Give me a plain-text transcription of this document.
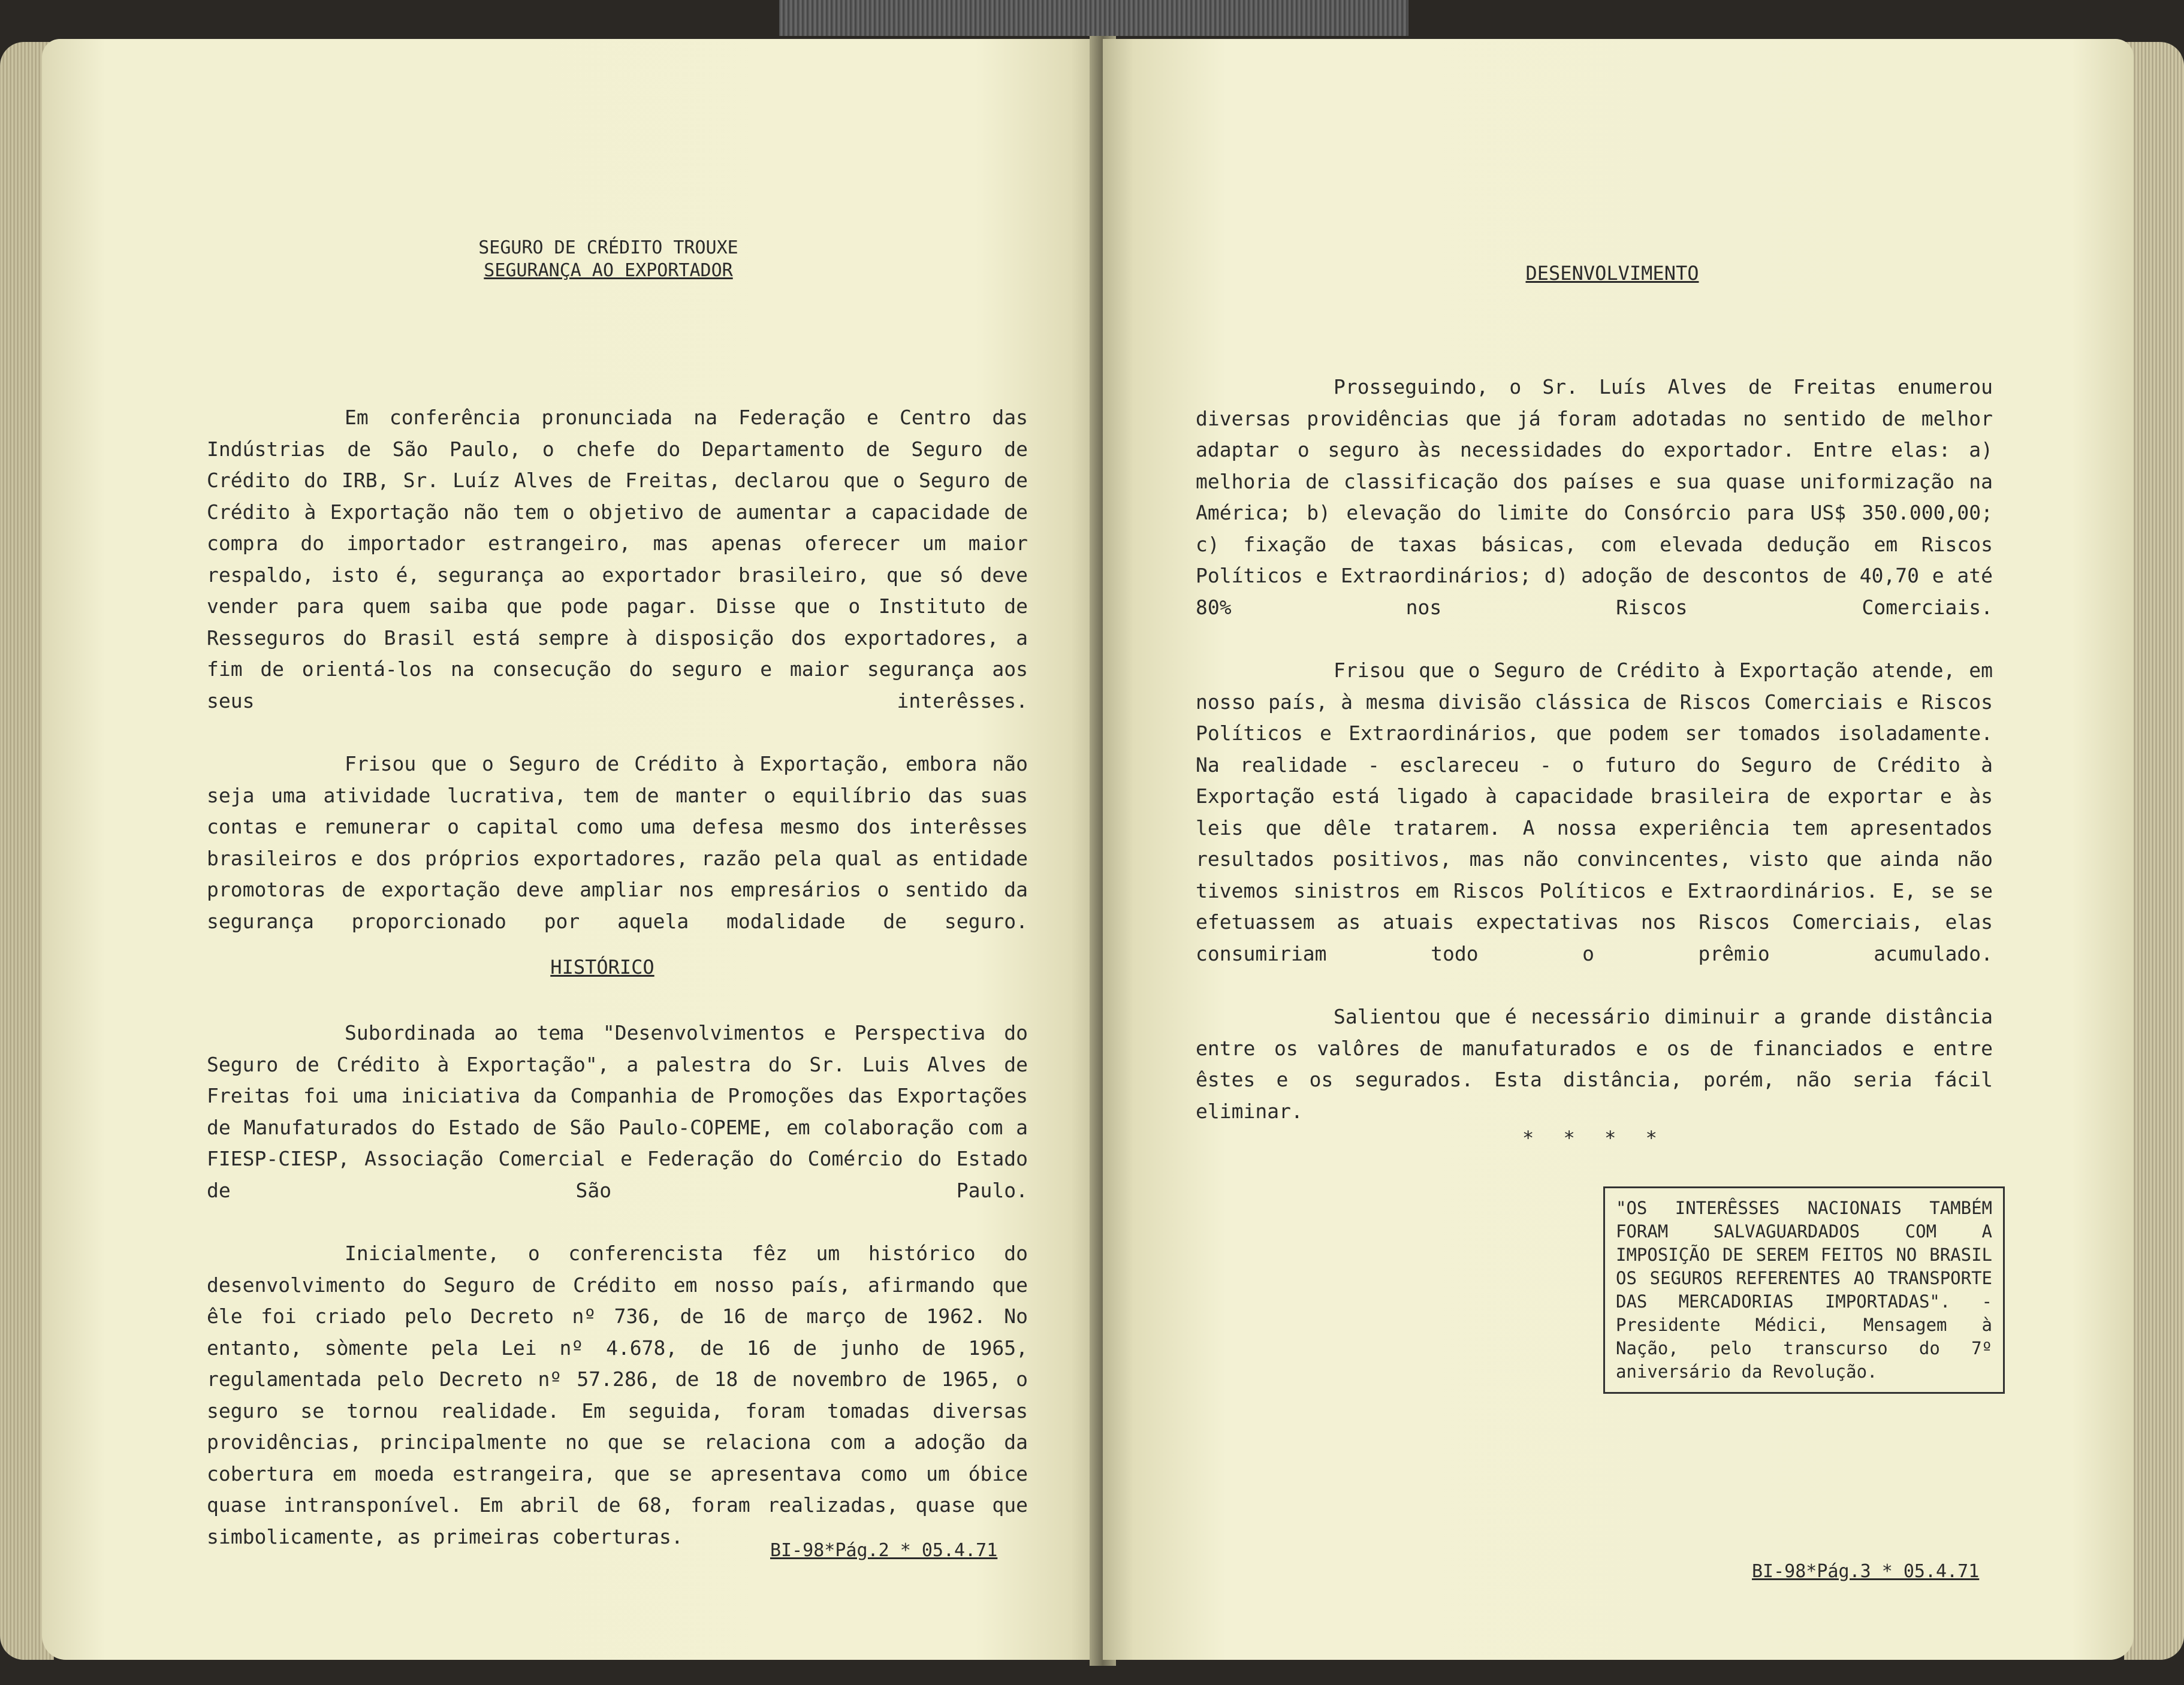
SEGURO DE CRÉDITO TROUXE
SEGURANÇA AO EXPORTADOR

Em conferência pronunciada na Federação e Centro das Indústrias de São Paulo, o chefe do Departamento de Seguro de Crédito do IRB, Sr. Luíz Alves de Freitas, declarou que o Seguro de Crédito à Exportação não tem o objetivo de aumentar a capacidade de compra do importador estrangeiro, mas apenas oferecer um maior respaldo, isto é, segurança ao exportador brasileiro, que só deve vender para quem saiba que pode pagar. Disse que o Instituto de Resseguros do Brasil está sempre à disposição dos exportadores, a fim de orientá-los na consecução do seguro e maior segurança aos seus interêsses.

Frisou que o Seguro de Crédito à Exportação, embora não seja uma atividade lucrativa, tem de manter o equilíbrio das suas contas e remunerar o capital como uma defesa mesmo dos interêsses brasileiros e dos próprios exportadores, razão pela qual as entidade promotoras de exportação deve ampliar nos empresários o sentido da segurança proporcionado por aquela modalidade de seguro.

HISTÓRICO

Subordinada ao tema "Desenvolvimentos e Perspectiva do Seguro de Crédito à Exportação", a palestra do Sr. Luis Alves de Freitas foi uma iniciativa da Companhia de Promoções das Exportações de Manufaturados do Estado de São Paulo-COPEME, em colaboração com a FIESP-CIESP, Associação Comercial e Federação do Comércio do Estado de São Paulo.

Inicialmente, o conferencista fêz um histórico do desenvolvimento do Seguro de Crédito em nosso país, afirmando que êle foi criado pelo Decreto nº 736, de 16 de março de 1962. No entanto, sòmente pela Lei nº 4.678, de 16 de junho de 1965, regulamentada pelo Decreto nº 57.286, de 18 de novembro de 1965, o seguro se tornou realidade. Em seguida, foram tomadas diversas providências, principalmente no que se relaciona com a adoção da cobertura em moeda estrangeira, que se apresentava como um óbice quase intransponível. Em abril de 68, foram realizadas, quase que simbolicamente, as primeiras coberturas.

BI-98*Pág.2 * 05.4.71
DESENVOLVIMENTO

Prosseguindo, o Sr. Luís Alves de Freitas enumerou diversas providências que já foram adotadas no sentido de melhor adaptar o seguro às necessidades do exportador. Entre elas: a) melhoria de classificação dos países e sua quase uniformização na América; b) elevação do limite do Consórcio para US$ 350.000,00; c) fixação de taxas básicas, com elevada dedução em Riscos Políticos e Extraordinários; d) adoção de descontos de 40,70 e até 80% nos Riscos Comerciais.

Frisou que o Seguro de Crédito à Exportação atende, em nosso país, à mesma divisão clássica de Riscos Comerciais e Riscos Políticos e Extraordinários, que podem ser tomados isoladamente. Na realidade - esclareceu - o futuro do Seguro de Crédito à Exportação está ligado à capacidade brasileira de exportar e às leis que dêle tratarem. A nossa experiência tem apresentados resultados positivos, mas não convincentes, visto que ainda não tivemos sinistros em Riscos Políticos e Extraordinários. E, se se efetuassem as atuais expectativas nos Riscos Comerciais, elas consumiriam todo o prêmio acumulado.

Salientou que é necessário diminuir a grande distância entre os valôres de manufaturados e os de financiados e entre êstes e os segurados. Esta distância, porém, não seria fácil eliminar.

* * * *
"OS INTERÊSSES NACIONAIS TAMBÉM FORAM SALVAGUARDADOS COM A IMPOSIÇÃO DE SEREM FEITOS NO BRASIL OS SEGUROS REFERENTES AO TRANSPORTE DAS MERCADORIAS IMPORTADAS". - Presidente Médici, Mensagem à Nação, pelo transcurso do 7º aniversário da Revolução.
BI-98*Pág.3 * 05.4.71
